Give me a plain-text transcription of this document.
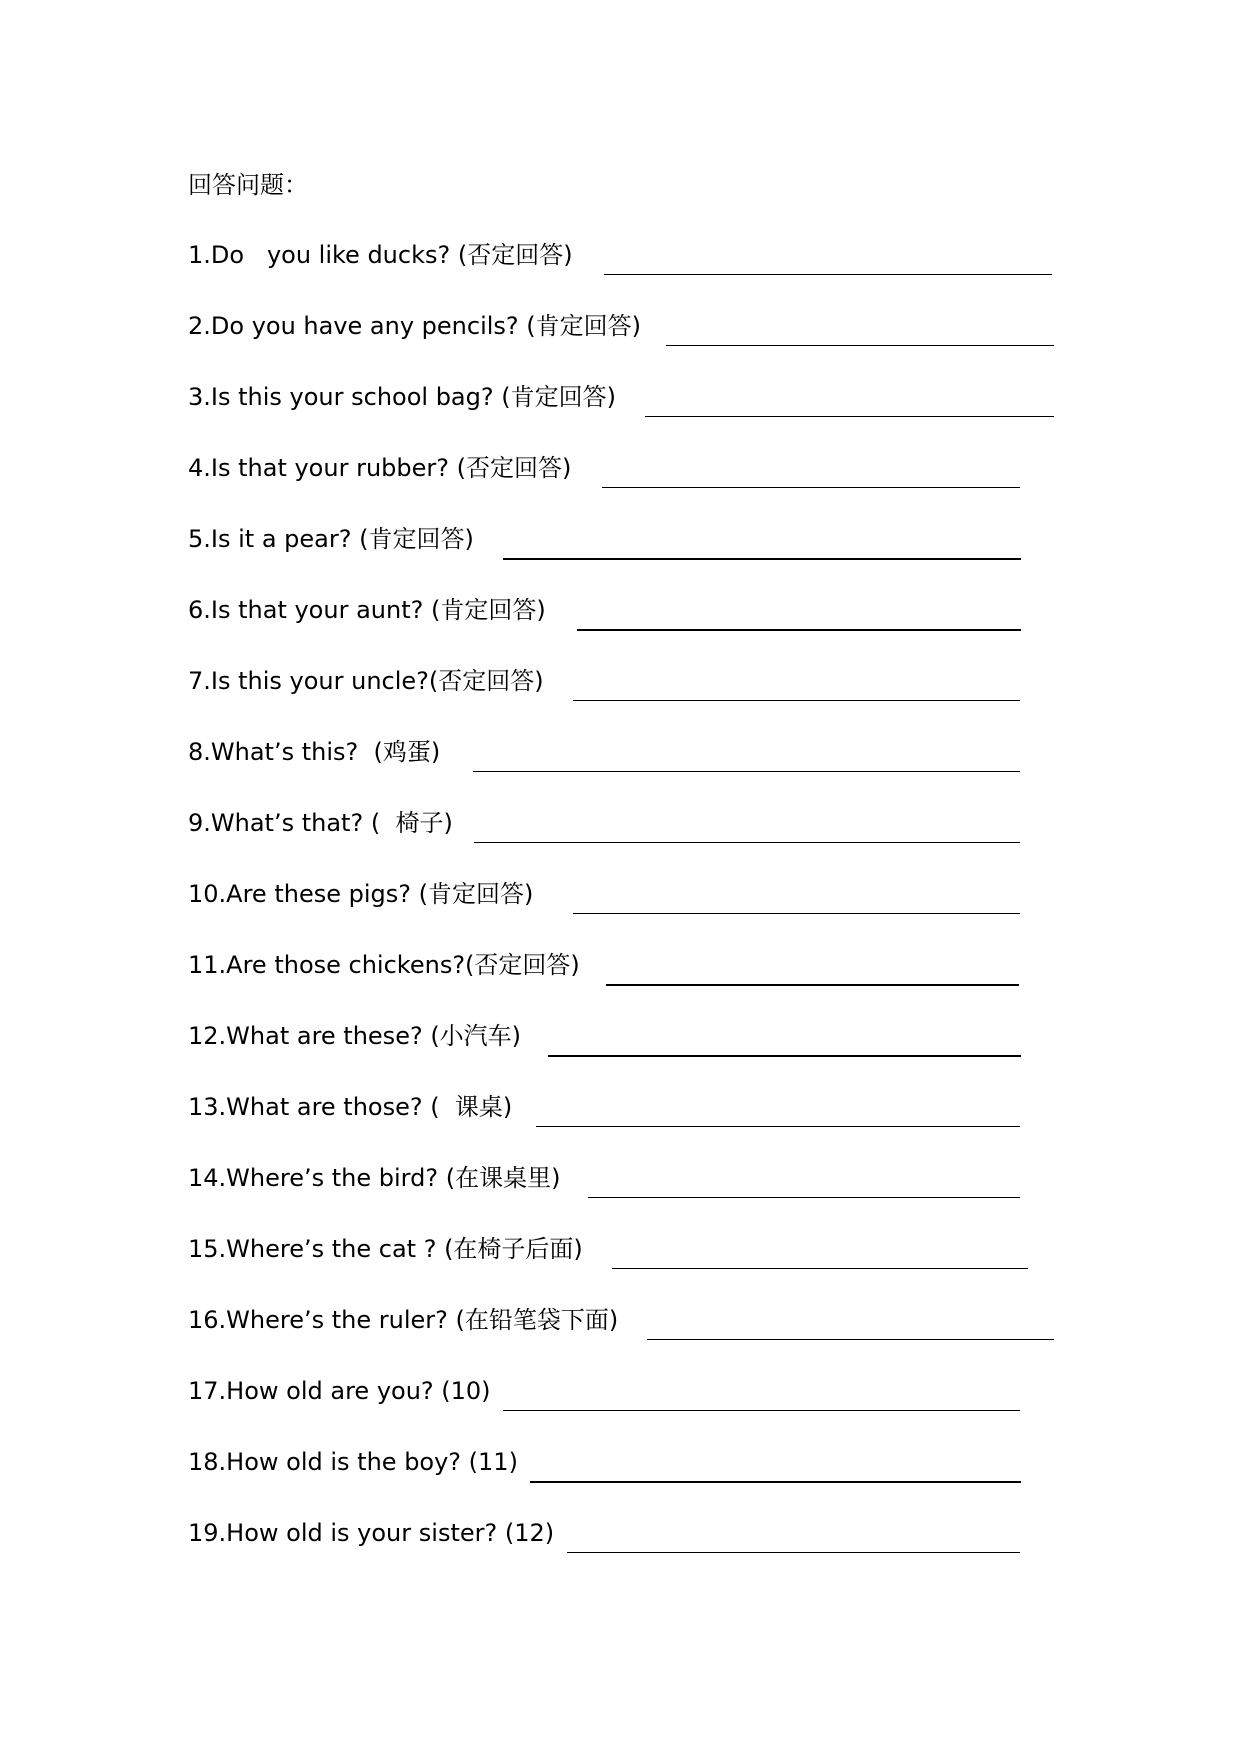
回答问题：
1.Do   you like ducks? (否定回答)
2.Do you have any pencils? (肯定回答)
3.Is this your school bag? (肯定回答)
4.Is that your rubber? (否定回答)
5.Is it a pear? (肯定回答)
6.Is that your aunt? (肯定回答)
7.Is this your uncle?(否定回答)
8.What’s this?  (鸡蛋)
9.What’s that? (  椅子)
10.Are these pigs? (肯定回答)
11.Are those chickens?(否定回答)
12.What are these? (小汽车)
13.What are those? (  课桌)
14.Where’s the bird? (在课桌里)
15.Where’s the cat ? (在椅子后面)
16.Where’s the ruler? (在铅笔袋下面)
17.How old are you? (10)
18.How old is the boy? (11)
19.How old is your sister? (12)
